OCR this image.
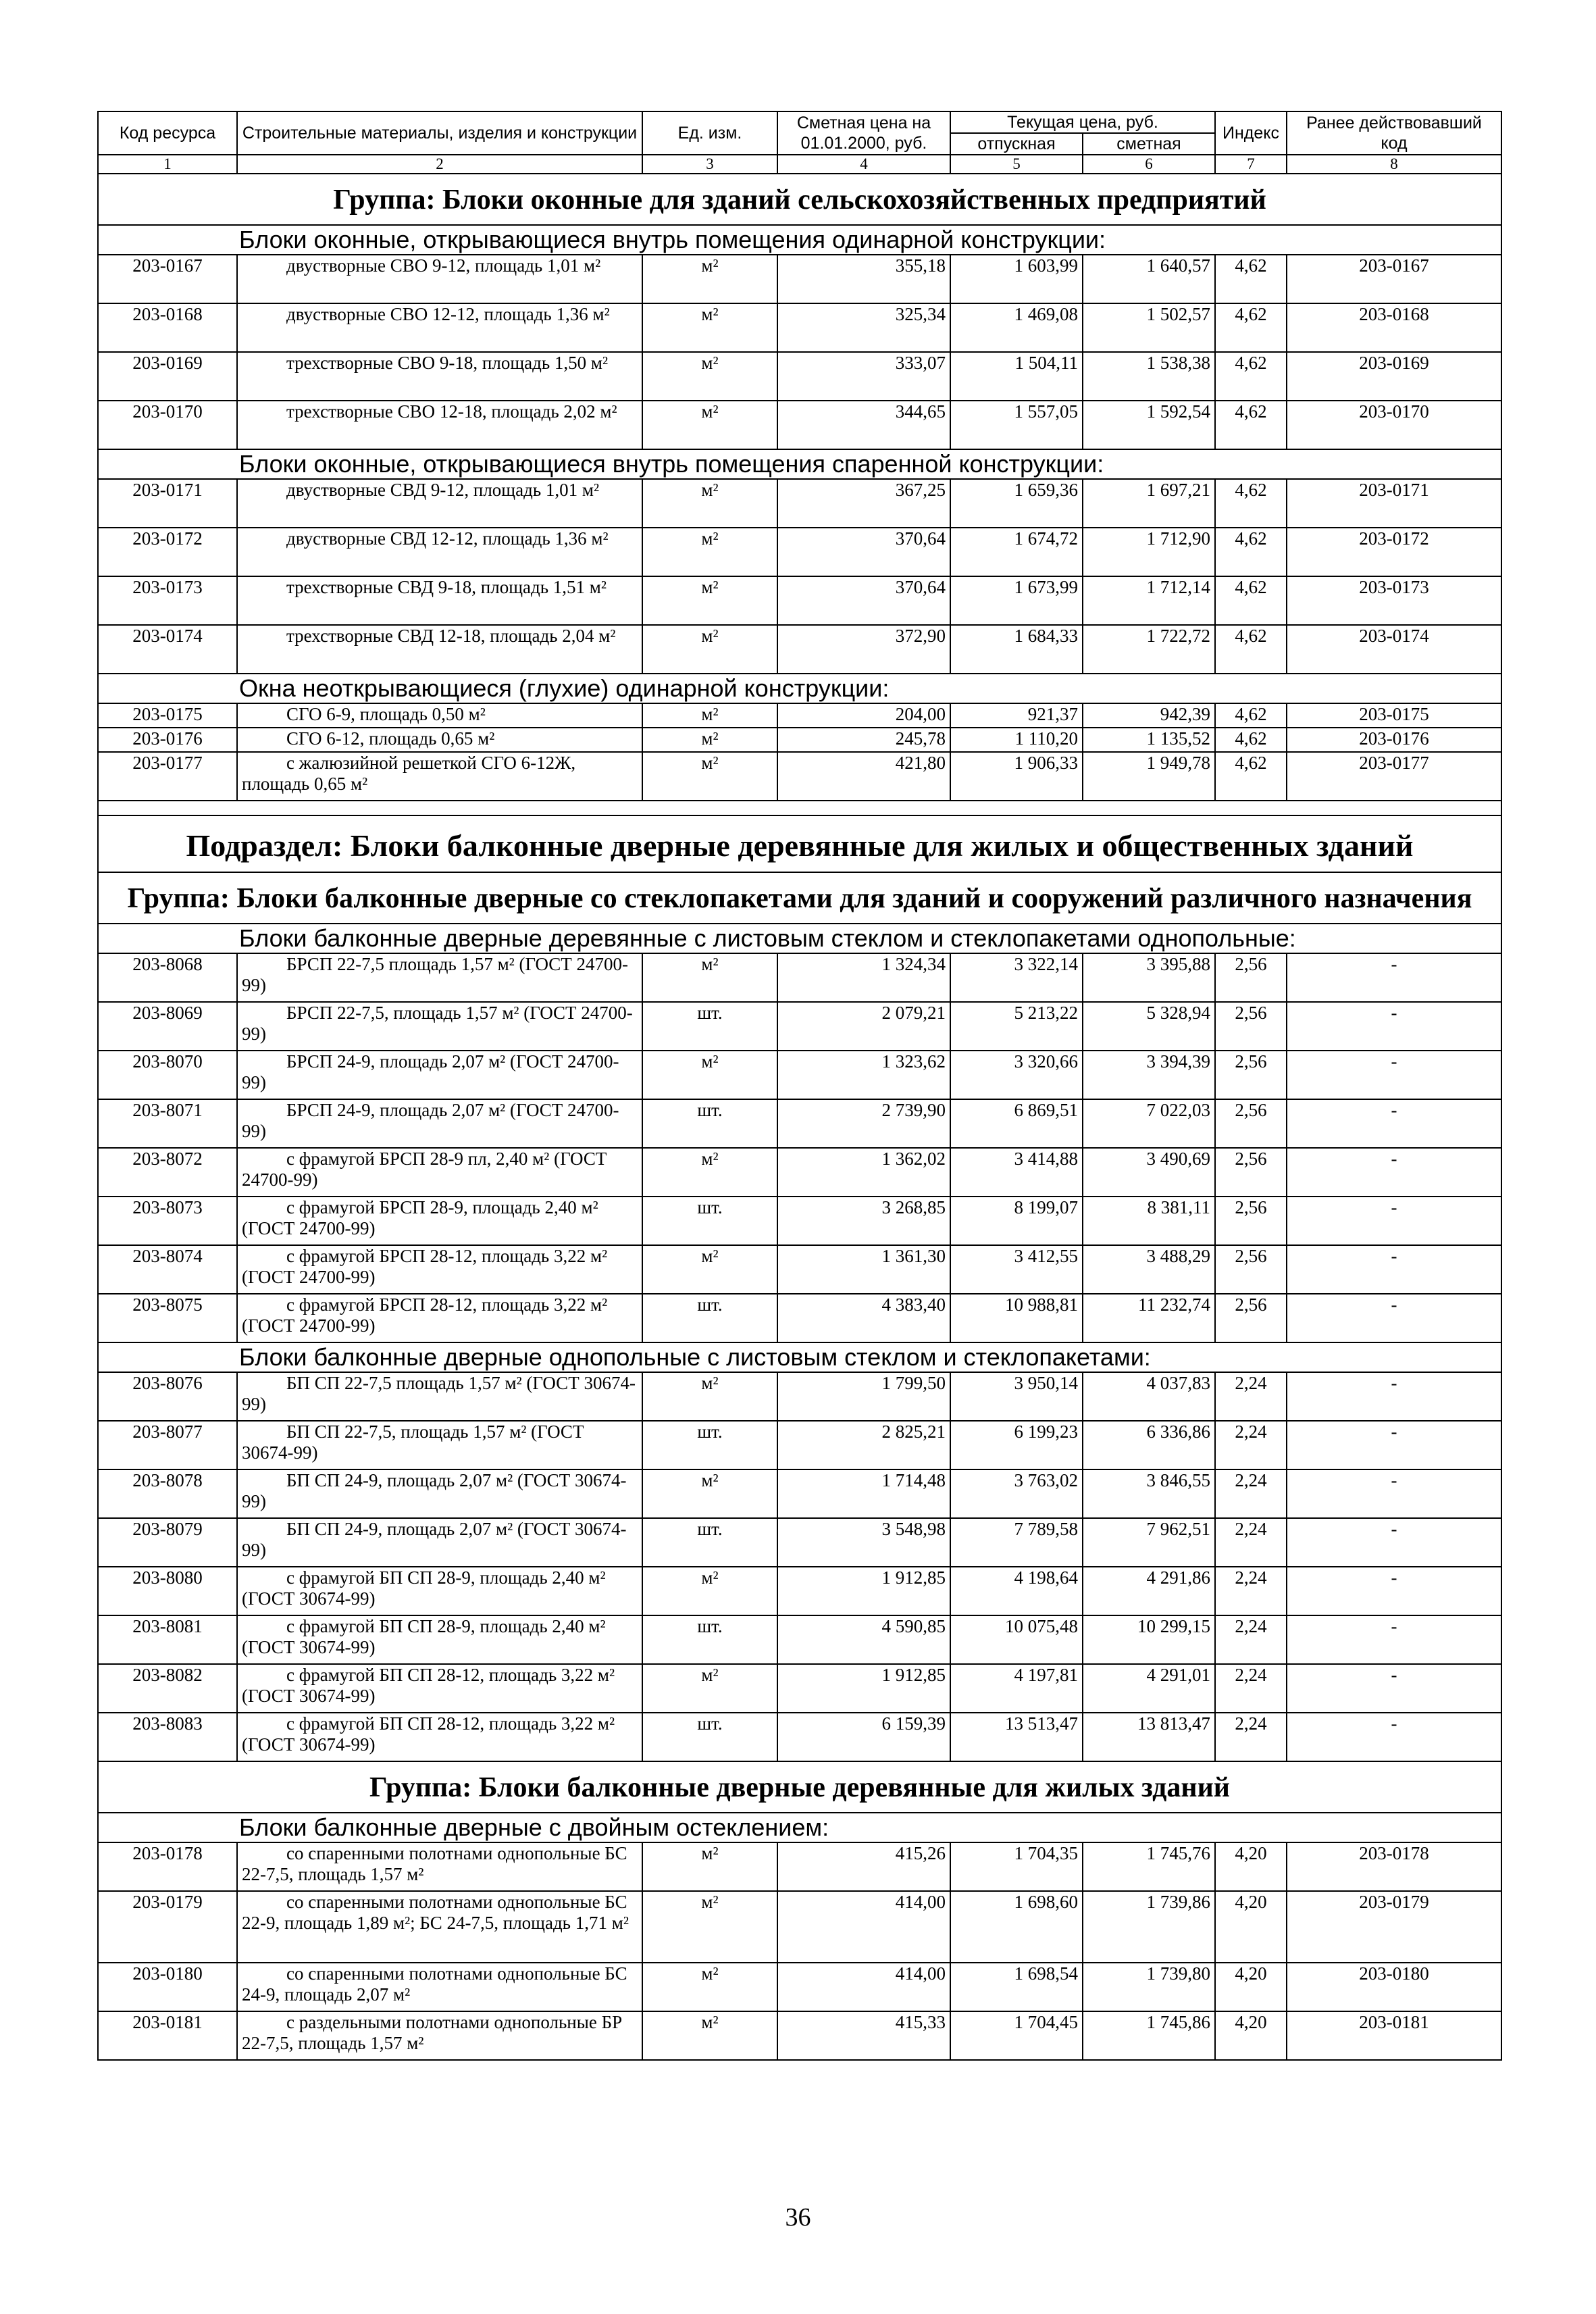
Код ресурса	Строительные материалы, изделия и конструкции	Ед. изм.	Сметная цена на 01.01.2000, руб.	Текущая цена, руб.		Индекс	Ранее действовавший код
				отпускная	сметная		
1	2	3	4	5	6	7	8
Группа: Блоки оконные для зданий сельскохозяйственных предприятий							
Блоки оконные, открывающиеся внутрь помещения одинарной конструкции:							
203-0167	двустворные СВО 9-12, площадь 1,01 м²	м²	355,18	1 603,99	1 640,57	4,62	203-0167
203-0168	двустворные СВО 12-12, площадь 1,36 м²	м²	325,34	1 469,08	1 502,57	4,62	203-0168
203-0169	трехстворные СВО 9-18, площадь 1,50 м²	м²	333,07	1 504,11	1 538,38	4,62	203-0169
203-0170	трехстворные СВО 12-18, площадь 2,02 м²	м²	344,65	1 557,05	1 592,54	4,62	203-0170
Блоки оконные, открывающиеся внутрь помещения спаренной конструкции:							
203-0171	двустворные СВД 9-12, площадь 1,01 м²	м²	367,25	1 659,36	1 697,21	4,62	203-0171
203-0172	двустворные СВД 12-12, площадь 1,36 м²	м²	370,64	1 674,72	1 712,90	4,62	203-0172
203-0173	трехстворные СВД 9-18, площадь 1,51 м²	м²	370,64	1 673,99	1 712,14	4,62	203-0173
203-0174	трехстворные СВД 12-18, площадь 2,04 м²	м²	372,90	1 684,33	1 722,72	4,62	203-0174
Окна неоткрывающиеся (глухие) одинарной конструкции:							
203-0175	СГО 6-9, площадь 0,50 м²	м²	204,00	921,37	942,39	4,62	203-0175
203-0176	СГО 6-12, площадь 0,65 м²	м²	245,78	1 110,20	1 135,52	4,62	203-0176
203-0177	с жалюзийной решеткой СГО 6-12Ж, площадь 0,65 м²	м²	421,80	1 906,33	1 949,78	4,62	203-0177

Подраздел: Блоки балконные дверные деревянные для жилых и общественных зданий							
Группа: Блоки балконные дверные со стеклопакетами для зданий и сооружений различного назначения							
Блоки балконные дверные деревянные с листовым стеклом и стеклопакетами однопольные:							
203-8068	БРСП 22-7,5 площадь 1,57 м² (ГОСТ 24700-99)	м²	1 324,34	3 322,14	3 395,88	2,56	-
203-8069	БРСП 22-7,5, площадь 1,57 м² (ГОСТ 24700-99)	шт.	2 079,21	5 213,22	5 328,94	2,56	-
203-8070	БРСП 24-9, площадь 2,07 м² (ГОСТ 24700-99)	м²	1 323,62	3 320,66	3 394,39	2,56	-
203-8071	БРСП 24-9, площадь 2,07 м² (ГОСТ 24700-99)	шт.	2 739,90	6 869,51	7 022,03	2,56	-
203-8072	с фрамугой БРСП 28-9 пл, 2,40 м² (ГОСТ 24700-99)	м²	1 362,02	3 414,88	3 490,69	2,56	-
203-8073	с фрамугой БРСП 28-9, площадь 2,40 м² (ГОСТ 24700-99)	шт.	3 268,85	8 199,07	8 381,11	2,56	-
203-8074	с фрамугой БРСП 28-12, площадь 3,22 м² (ГОСТ 24700-99)	м²	1 361,30	3 412,55	3 488,29	2,56	-
203-8075	с фрамугой БРСП 28-12, площадь 3,22 м² (ГОСТ 24700-99)	шт.	4 383,40	10 988,81	11 232,74	2,56	-
Блоки балконные дверные однопольные с листовым стеклом и стеклопакетами:							
203-8076	БП СП 22-7,5 площадь 1,57 м² (ГОСТ 30674-99)	м²	1 799,50	3 950,14	4 037,83	2,24	-
203-8077	БП СП 22-7,5, площадь 1,57 м² (ГОСТ 30674-99)	шт.	2 825,21	6 199,23	6 336,86	2,24	-
203-8078	БП СП 24-9, площадь 2,07 м² (ГОСТ 30674-99)	м²	1 714,48	3 763,02	3 846,55	2,24	-
203-8079	БП СП 24-9, площадь 2,07 м² (ГОСТ 30674-99)	шт.	3 548,98	7 789,58	7 962,51	2,24	-
203-8080	с фрамугой БП СП 28-9, площадь 2,40 м² (ГОСТ 30674-99)	м²	1 912,85	4 198,64	4 291,86	2,24	-
203-8081	с фрамугой БП СП 28-9, площадь 2,40 м² (ГОСТ 30674-99)	шт.	4 590,85	10 075,48	10 299,15	2,24	-
203-8082	с фрамугой БП СП 28-12, площадь 3,22 м² (ГОСТ 30674-99)	м²	1 912,85	4 197,81	4 291,01	2,24	-
203-8083	с фрамугой БП СП 28-12, площадь 3,22 м² (ГОСТ 30674-99)	шт.	6 159,39	13 513,47	13 813,47	2,24	-
Группа: Блоки балконные дверные деревянные для жилых зданий							
Блоки балконные дверные с двойным остеклением:							
203-0178	со спаренными полотнами однопольные БС 22-7,5, площадь 1,57 м²	м²	415,26	1 704,35	1 745,76	4,20	203-0178
203-0179	со спаренными полотнами однопольные БС 22-9, площадь 1,89 м²; БС 24-7,5, площадь 1,71 м²	м²	414,00	1 698,60	1 739,86	4,20	203-0179
203-0180	со спаренными полотнами однопольные БС 24-9, площадь 2,07 м²	м²	414,00	1 698,54	1 739,80	4,20	203-0180
203-0181	с раздельными полотнами однопольные БР 22-7,5, площадь 1,57 м²	м²	415,33	1 704,45	1 745,86	4,20	203-0181
36
